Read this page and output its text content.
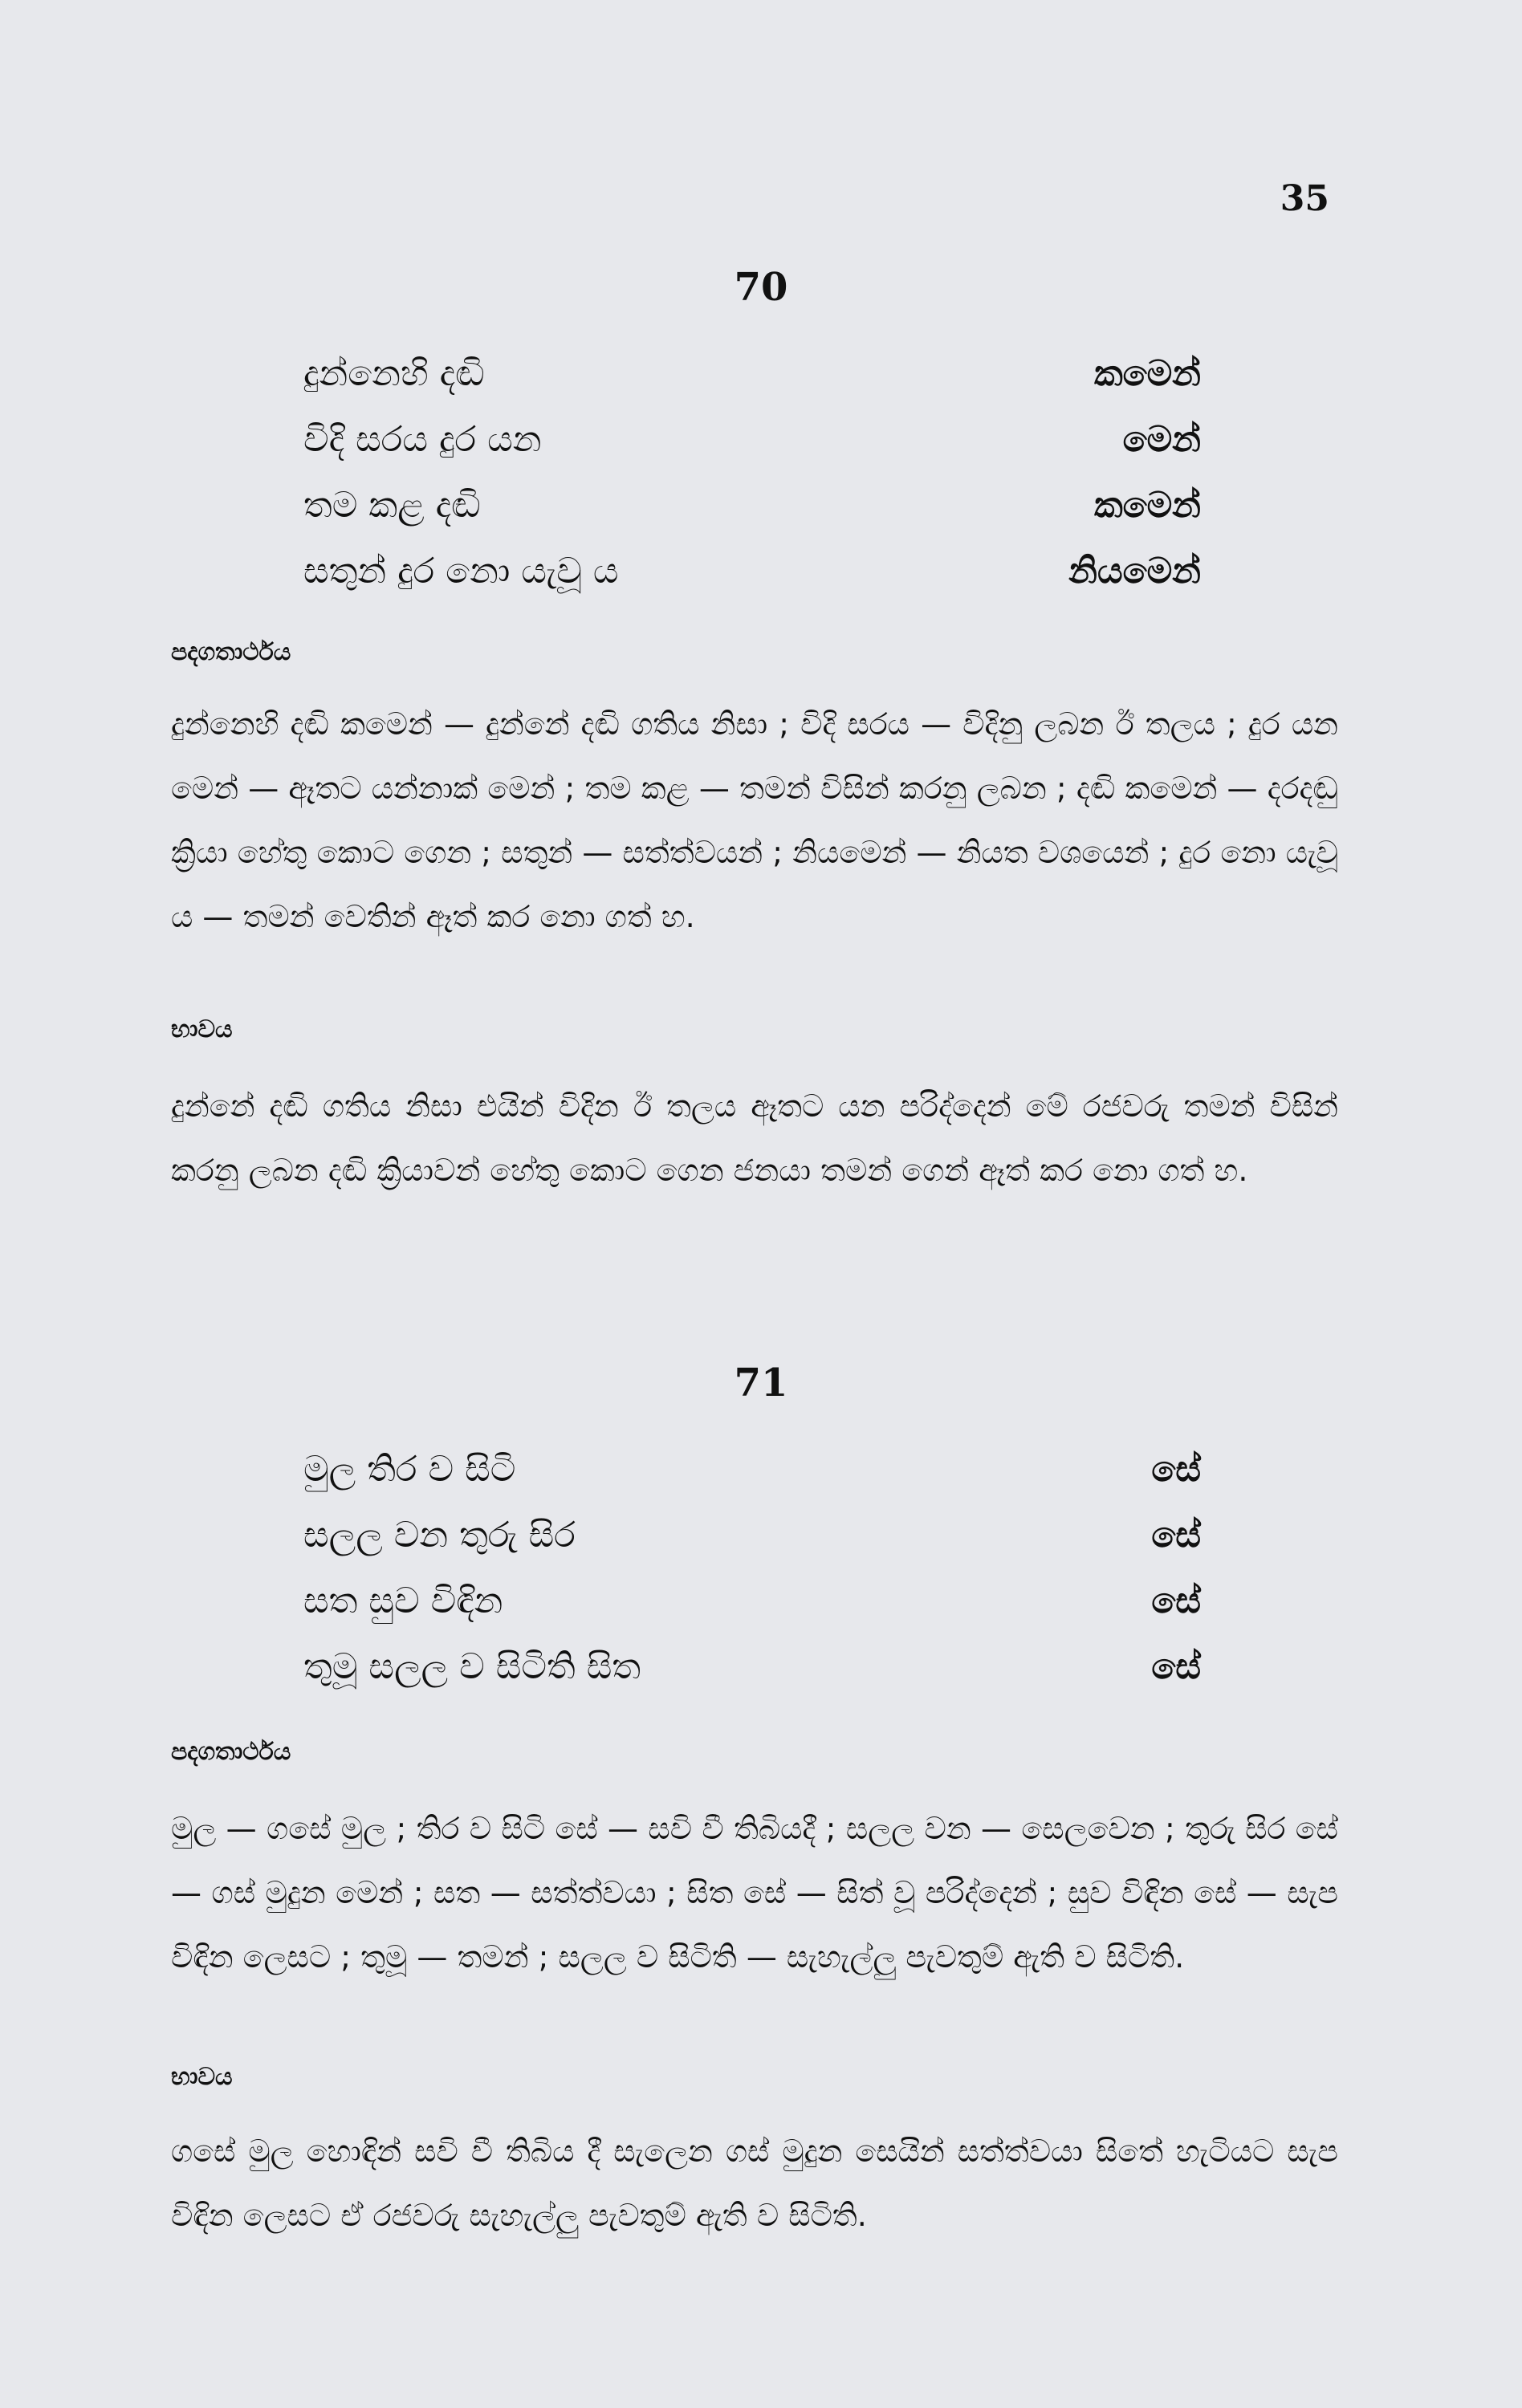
35
70
දුන්නෙහි දඬි	කමෙන්
විදි සරය දුර යන	මෙන්
තම කළ දඬි	කමෙන්
සතුන් දුර නො යැවූ ය	නියමෙන්
පදගතාර්ථය
දුන්නෙහි දඬි කමෙන් — දුන්නේ දඬි ගතිය නිසා ; විදි සරය — විදිනු ලබන ඊ තලය ; දුර යන මෙන් — ඈතට යන්නාක් මෙන් ; තම කළ — තමන් විසින් කරනු ලබන ; දඬි කමෙන් — දරදඬු ක්‍රියා හේතු කොට ගෙන ; සතුන් — සත්ත්වයන් ; නියමෙන් — නියත වශයෙන් ; දුර නො යැවූ ය — තමන් වෙතින් ඈත් කර නො ගත් හ.
භාවය
දුන්නේ දඬි ගතිය නිසා එයින් විදින ඊ තලය ඈතට යන පරිද්දෙන් මේ රජවරු තමන් විසින් කරනු ලබන දඬි ක්‍රියාවන් හේතු කොට ගෙන ජනයා තමන් ගෙන් ඈත් කර නො ගත් හ.
71
මුල තිර ව සිටි	සේ
සලල වන තුරු සිර	සේ
සත සුව විඳින	සේ
තුමූ සලල ව සිටිති සිත	සේ
පදගතාර්ථය
මුල — ගසේ මුල ; තිර ව සිටි සේ — සවි වී තිබියදී ; සලල වන — සෙලවෙන ; තුරු සිර සේ — ගස් මුදුන මෙන් ; සත — සත්ත්වයා ; සිත සේ — සිත් වූ පරිද්දෙන් ; සුව විඳින සේ — සැප විඳින ලෙසට ; තුමූ — තමන් ; සලල ව සිටිති — සැහැල්ලු පැවතුම් ඇති ව සිටිති.
භාවය
ගසේ මුල හොඳින් සවි වී තිබිය දී සැලෙන ගස් මුදුන සෙයින් සත්ත්වයා සිතේ හැටියට සැප විඳින ලෙසට ඒ රජවරු සැහැල්ලු පැවතුම් ඇති ව සිටිති.
